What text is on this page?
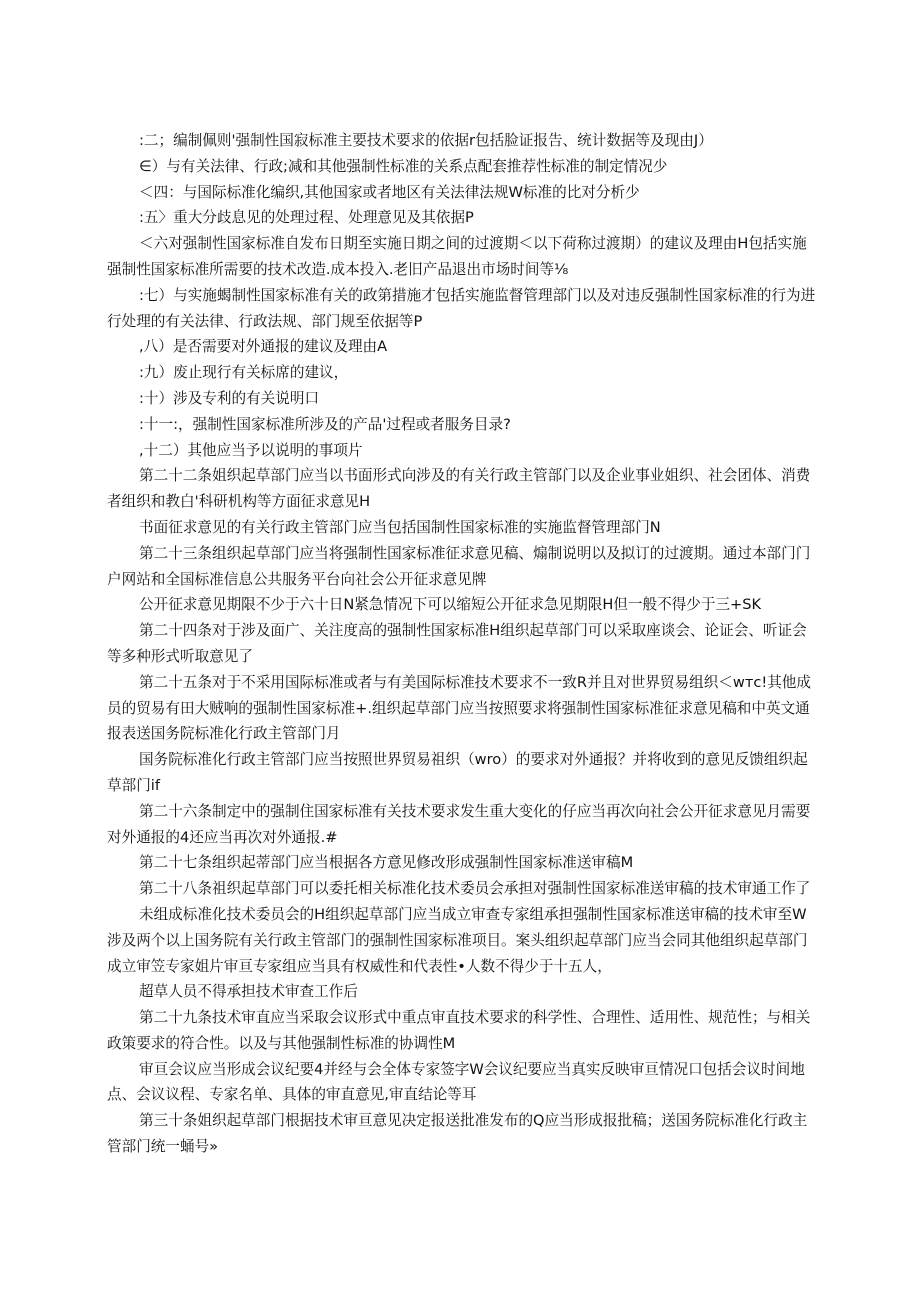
:二；编制佩则'强制性国寂标准主要技术要求的依据r包括脸证报告、统计数据等及现由J）

∈）与有关法律、行政;减和其他强制性标准的关系点配套推荐性标准的制定情况少

＜四：与国际标准化编织,其他国家或者地区有关法律法规W标准的比对分析少

:五〉重大分歧息见的处理过程、处理意见及其依据P

＜六对强制性国家标准自发布日期至实施日期之间的过渡期＜以下荷称过渡期）的建议及理由H包括实施强制性国家标准所需要的技术改造.成本投入.老旧产品退出市场时间等⅛

:七）与实施蝎制性国家标准有关的政第措施才包括实施监督管理部门以及对违反强制性国家标准的行为进行处理的有关法律、行政法规、部门规至依据等P

,八）是否需要对外通报的建议及理由A

:九）废止现行有关标席的建议，

:十）涉及专利的有关说明口

:十一:，强制性国家标准所涉及的产品'过程或者服务目录?

,十二）其他应当予以说明的事项片

第二十二条姐织起草部门应当以书面形式向涉及的有关行政主管部门以及企业事业姐织、社会团体、消费者组织和教白'科研机构等方面征求意见H

书面征求意见的有关行政主管部门应当包括国制性国家标准的实施监督管理部门N

第二十三条组织起草部门应当将强制性国家标准征求意见稿、煽制说明以及拟订的过渡期。通过本部门门户网站和全国标准信息公共服务平台向社会公开征求意见牌

公开征求意见期限不少于六十日N紧急情况下可以缩短公开征求急见期限H但一般不得少于三+SK

第二十四条对于涉及面广、关注度高的强制性国家标准H组织起草部门可以采取座谈会、论证会、听证会等多种形式听取意见了

第二十五条对于不采用国际标准或者与有美国际标准技术要求不一致R并且对世界贸易组织＜wтc!其他成员的贸易有田大贼响的强制性国家标准+.组织起草部门应当按照要求将强制性国家标准征求意见稿和中英文通报表送国务院标准化行政主管部门月

国务院标准化行政主管部门应当按照世界贸易祖织（wro）的要求对外通报？并将收到的意见反馈组织起草部门if

第二十六条制定中的强制住国家标准有关技术要求发生重大变化的仔应当再次向社会公开征求意见月需要对外通报的4还应当再次对外通报.#

第二十七条组织起蒂部门应当根据各方意见修改形成强制性国家标准送审稿M

第二十八条祖织起草部门可以委托相关标准化技术委员会承担对强制性国家标准送审稿的技术审通工作了

未组成标准化技术委员会的H组织起草部门应当成立审查专家组承担强制性国家标准送审稿的技术审至W涉及两个以上国务院有关行政主管部门的强制性国家标准项目。案头组织起草部门应当会同其他组织起草部门成立审笠专家姐片审亘专家组应当具有权威性和代表性•人数不得少于十五人，

超草人员不得承担技术审查工作后

第二十九条技术审直应当采取会议形式中重点审直技术要求的科学性、合理性、适用性、规范性；与相关政策要求的符合性。以及与其他强制性标准的协调性M

审亘会议应当形成会议纪要4并经与会全体专家签字W会议纪要应当真实反映审亘情况口包括会议时间地点、会议议程、专家名单、具体的审直意见,审直结论等耳

第三十条姐织起草部门根据技术审亘意见决定报送批准发布的Q应当形成报批稿；送国务院标准化行政主管部门统一蛹号»
